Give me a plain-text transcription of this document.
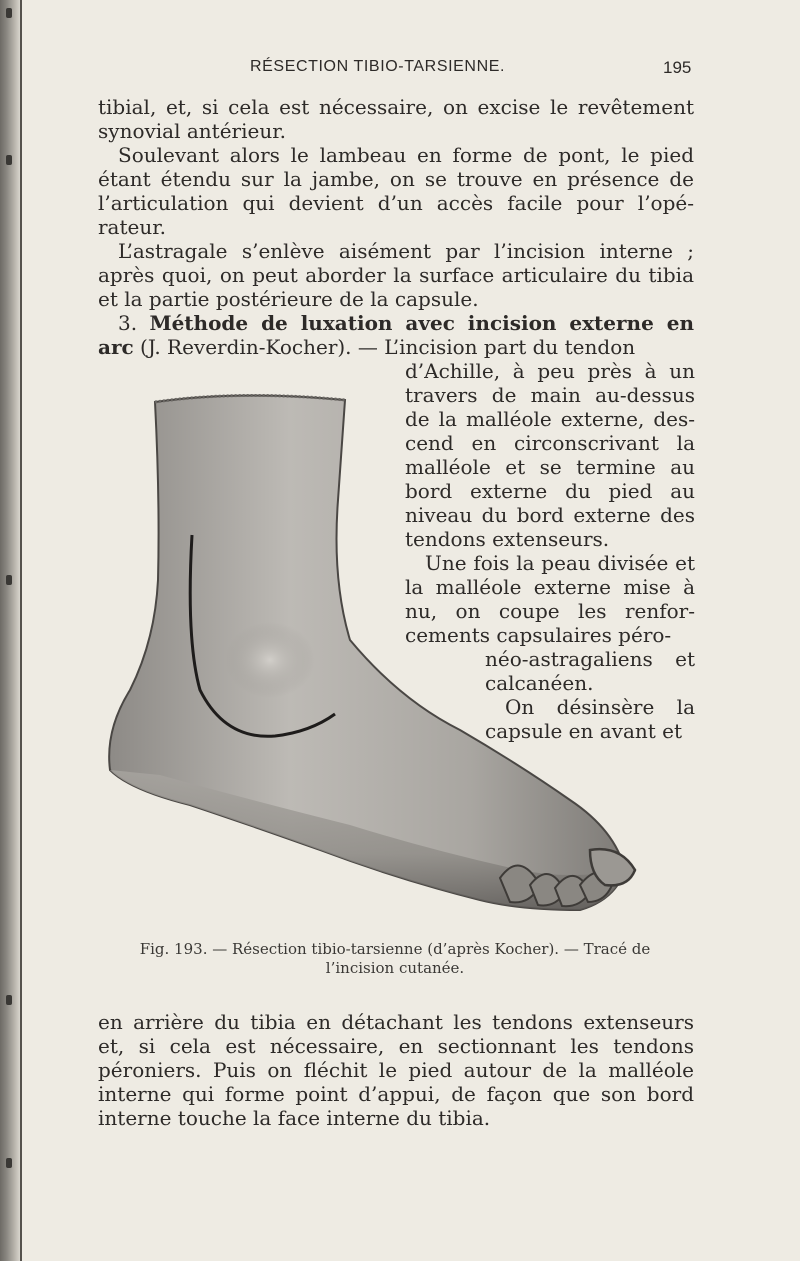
RÉSECTION TIBIO-TARSIENNE.	195

tibial, et, si cela est nécessaire, on excise le revêtement synovial antérieur.

Soulevant alors le lambeau en forme de pont, le pied étant étendu sur la jambe, on se trouve en présence de l’articulation qui devient d’un accès facile pour l’opé-rateur.

L’astragale s’enlève aisément par l’incision interne ; après quoi, on peut aborder la surface articulaire du tibia et la partie postérieure de la capsule.

3. Méthode de luxation avec incision externe en arc (J. Reverdin-Kocher). — L’incision part du tendon

d’Achille, à peu près à un travers de main au-dessus de la malléole externe, des-cend en circonscrivant la malléole et se termine au bord externe du pied au niveau du bord externe des tendons extenseurs.

Une fois la peau divisée et la malléole externe mise à nu, on coupe les renfor-cements capsulaires péro-

néo-astragaliens et calcanéen.

On désinsère la capsule en avant et

Fig. 193. — Résection tibio-tarsienne (d’après Kocher). — Tracé de
l’incision cutanée.

en arrière du tibia en détachant les tendons extenseurs et, si cela est nécessaire, en sectionnant les tendons péroniers. Puis on fléchit le pied autour de la malléole interne qui forme point d’appui, de façon que son bord interne touche la face interne du tibia.
